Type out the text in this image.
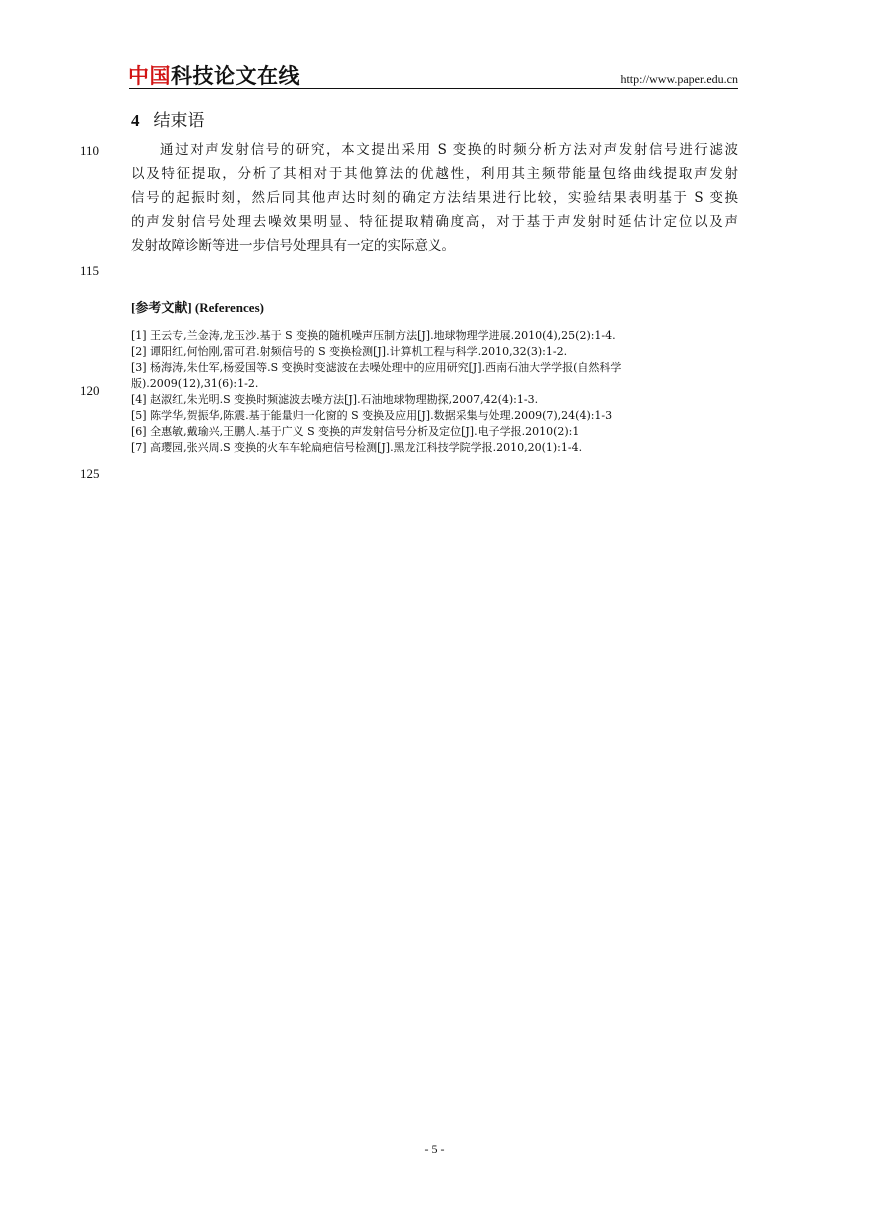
中国科技论文在线	http://www.paper.edu.cn
4 结束语
110
115
120
125
通过对声发射信号的研究，本文提出采用 S 变换的时频分析方法对声发射信号进行滤波
以及特征提取，分析了其相对于其他算法的优越性，利用其主频带能量包络曲线提取声发射
信号的起振时刻，然后同其他声达时刻的确定方法结果进行比较，实验结果表明基于 S 变换
的声发射信号处理去噪效果明显、特征提取精确度高，对于基于声发射时延估计定位以及声
发射故障诊断等进一步信号处理具有一定的实际意义。
[参考文献] (References)
[1] 王云专,兰金涛,龙玉沙.基于 S 变换的随机噪声压制方法[J].地球物理学进展.2010(4),25(2):1-4.
[2] 谭阳红,何怡刚,雷可君.射频信号的 S 变换检测[J].计算机工程与科学.2010,32(3):1-2.
[3] 杨海涛,朱仕军,杨爱国等.S 变换时变滤波在去噪处理中的应用研究[J].西南石油大学学报(自然科学
版).2009(12),31(6):1-2.
[4] 赵淑红,朱光明.S 变换时频滤波去噪方法[J].石油地球物理勘探,2007,42(4):1-3.
[5] 陈学华,贺振华,陈震.基于能量归一化窗的 S 变换及应用[J].数据采集与处理.2009(7),24(4):1-3
[6] 全惠敏,戴瑜兴,王鹏人.基于广义 S 变换的声发射信号分析及定位[J].电子学报.2010(2):1
[7] 高璎园,张兴周.S 变换的火车车轮扁疤信号检测[J].黑龙江科技学院学报.2010,20(1):1-4.
- 5 -
